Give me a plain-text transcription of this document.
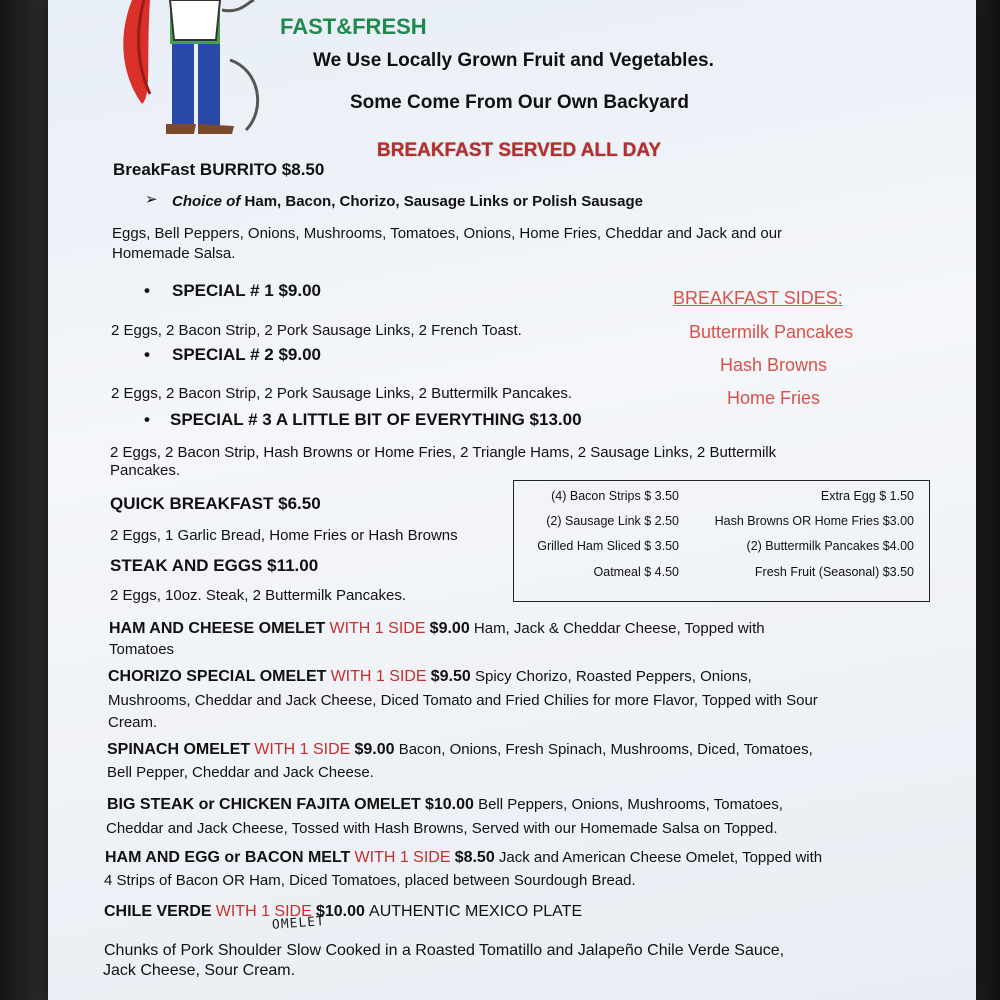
FAST&FRESH
We Use Locally Grown Fruit and Vegetables.
Some Come From Our Own Backyard
BREAKFAST SERVED ALL DAY
BreakFast BURRITO $8.50
➢ Choice of Ham, Bacon, Chorizo, Sausage Links or Polish Sausage
Eggs, Bell Peppers, Onions, Mushrooms, Tomatoes, Onions, Home Fries, Cheddar and Jack and our
Homemade Salsa.
• SPECIAL # 1 $9.00
2 Eggs, 2 Bacon Strip, 2 Pork Sausage Links, 2 French Toast.
• SPECIAL # 2 $9.00
2 Eggs, 2 Bacon Strip, 2 Pork Sausage Links, 2 Buttermilk Pancakes.
• SPECIAL # 3 A LITTLE BIT OF EVERYTHING $13.00
2 Eggs, 2 Bacon Strip, Hash Browns or Home Fries, 2 Triangle Hams, 2 Sausage Links, 2 Buttermilk
Pancakes.
BREAKFAST SIDES:
Buttermilk Pancakes
Hash Browns
Home Fries
QUICK BREAKFAST $6.50
2 Eggs, 1 Garlic Bread, Home Fries or Hash Browns
STEAK AND EGGS $11.00
2 Eggs, 10oz. Steak, 2 Buttermilk Pancakes.
(4) Bacon Strips $ 3.50
(2) Sausage Link $ 2.50
Grilled Ham Sliced $ 3.50
Oatmeal $ 4.50
Extra Egg $ 1.50
Hash Browns OR Home Fries $3.00
(2) Buttermilk Pancakes $4.00
Fresh Fruit (Seasonal) $3.50
HAM AND CHEESE OMELET WITH 1 SIDE $9.00 Ham, Jack & Cheddar Cheese, Topped with
Tomatoes
CHORIZO SPECIAL OMELET WITH 1 SIDE $9.50 Spicy Chorizo, Roasted Peppers, Onions,
Mushrooms, Cheddar and Jack Cheese, Diced Tomato and Fried Chilies for more Flavor, Topped with Sour
Cream.
SPINACH OMELET WITH 1 SIDE $9.00 Bacon, Onions, Fresh Spinach, Mushrooms, Diced, Tomatoes,
Bell Pepper, Cheddar and Jack Cheese.
BIG STEAK or CHICKEN FAJITA OMELET $10.00 Bell Peppers, Onions, Mushrooms, Tomatoes,
Cheddar and Jack Cheese, Tossed with Hash Browns, Served with our Homemade Salsa on Topped.
HAM AND EGG or BACON MELT WITH 1 SIDE $8.50 Jack and American Cheese Omelet, Topped with
4 Strips of Bacon OR Ham, Diced Tomatoes, placed between Sourdough Bread.
CHILE VERDE WITH 1 SIDE $10.00 AUTHENTIC MEXICO PLATE
OMELET
Chunks of Pork Shoulder Slow Cooked in a Roasted Tomatillo and Jalapeño Chile Verde Sauce,
Jack Cheese, Sour Cream.
